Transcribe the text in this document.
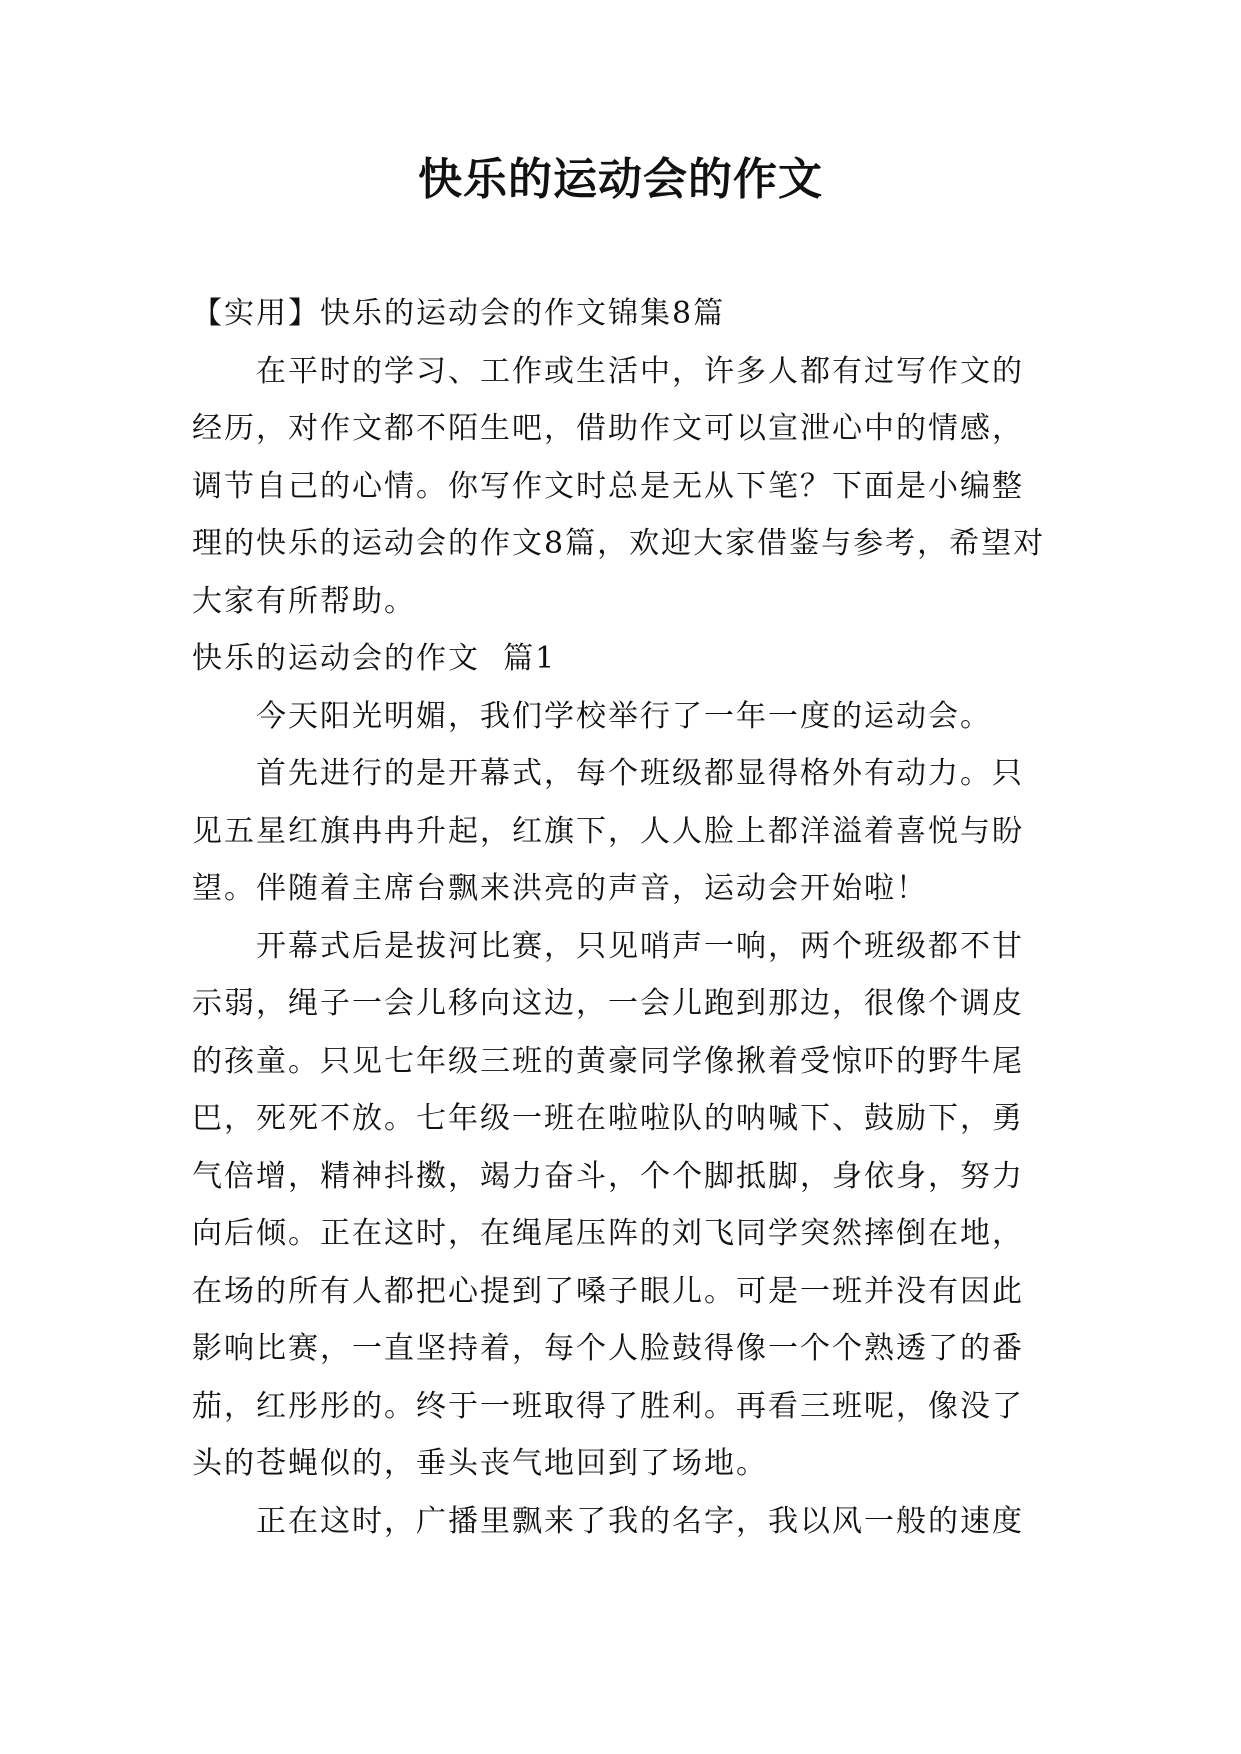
快乐的运动会的作文

【实用】快乐的运动会的作文锦集8篇

在平时的学习、工作或生活中，许多人都有过写作文的经历，对作文都不陌生吧，借助作文可以宣泄心中的情感，调节自己的心情。你写作文时总是无从下笔？下面是小编整理的快乐的运动会的作文8篇，欢迎大家借鉴与参考，希望对大家有所帮助。

快乐的运动会的作文  篇1

今天阳光明媚，我们学校举行了一年一度的运动会。

首先进行的是开幕式，每个班级都显得格外有动力。只见五星红旗冉冉升起，红旗下，人人脸上都洋溢着喜悦与盼望。伴随着主席台飘来洪亮的声音，运动会开始啦！

开幕式后是拔河比赛，只见哨声一响，两个班级都不甘示弱，绳子一会儿移向这边，一会儿跑到那边，很像个调皮的孩童。只见七年级三班的黄豪同学像揪着受惊吓的野牛尾巴，死死不放。七年级一班在啦啦队的呐喊下、鼓励下，勇气倍增，精神抖擞，竭力奋斗，个个脚抵脚，身依身，努力向后倾。正在这时，在绳尾压阵的刘飞同学突然摔倒在地，在场的所有人都把心提到了嗓子眼儿。可是一班并没有因此影响比赛，一直坚持着，每个人脸鼓得像一个个熟透了的番茄，红彤彤的。终于一班取得了胜利。再看三班呢，像没了头的苍蝇似的，垂头丧气地回到了场地。

正在这时，广播里飘来了我的名字，我以风一般的速度
